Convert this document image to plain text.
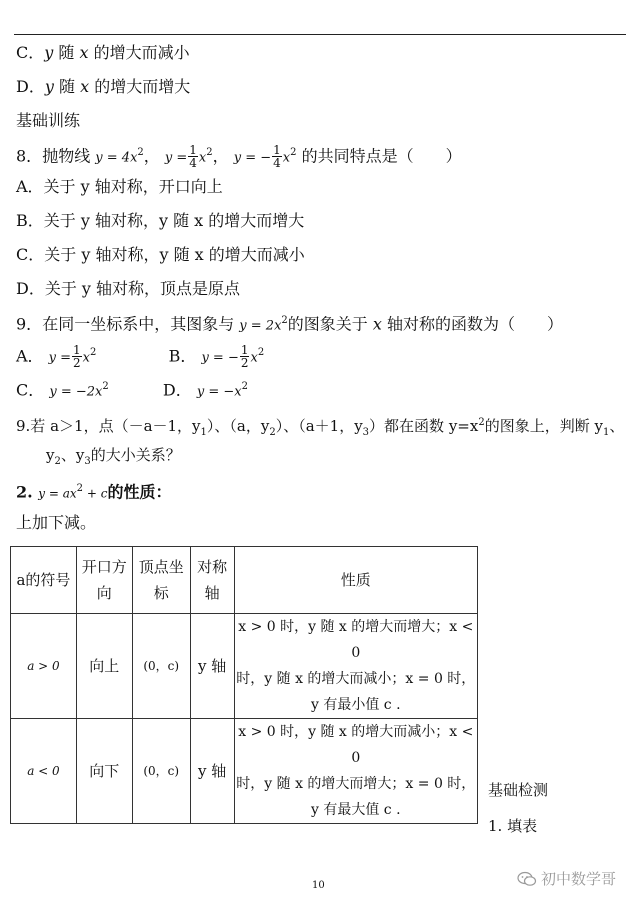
C．y 随 x 的增大而减小
D．y 随 x 的增大而增大
基础训练
8．抛物线 $y = 4x^2$， $y = \frac{1}{4} x^2$， y = − $\frac{1}{4} x^2$ 的共同特点是（　　）
A．关于 y 轴对称，开口向上
B．关于 y 轴对称，y 随 x 的增大而增大
C．关于 y 轴对称，y 随 x 的增大而减小
D．关于 y 轴对称，顶点是原点
9．在同一坐标系中，其图象与 $y = 2x^2$的图象关于 x 轴对称的函数为（　　）
A． $y = \frac{1}{2} x^2$	B． y = − $\frac{1}{2} x^2$
C． $y = -2x^2$	D． $y = -x^2$
9.若 a＞1，点（－a－1，$y_1$）、（a，$y_2$）、（a＋1，$y_3$）都在函数 $y=x^2$的图象上，判断 $y_1$、
$y_2$、$y_3$的大小关系？
2. $y = ax^2 + c$的性质：
上加下减。
a的符号	开口方向	顶点坐标	对称轴	性质
a > 0	向上	(0，c)	y 轴	x > 0 时，y 随 x 的增大而增大；x < 0
时，y 随 x 的增大而减小；x = 0 时，
y 有最小值 c .

a < 0	向下	(0，c)	y 轴	x > 0 时，y 随 x 的增大而减小；x < 0
时，y 随 x 的增大而增大；x = 0 时，
y 有最大值 c .
基础检测
1. 填表
10	初中数学哥
